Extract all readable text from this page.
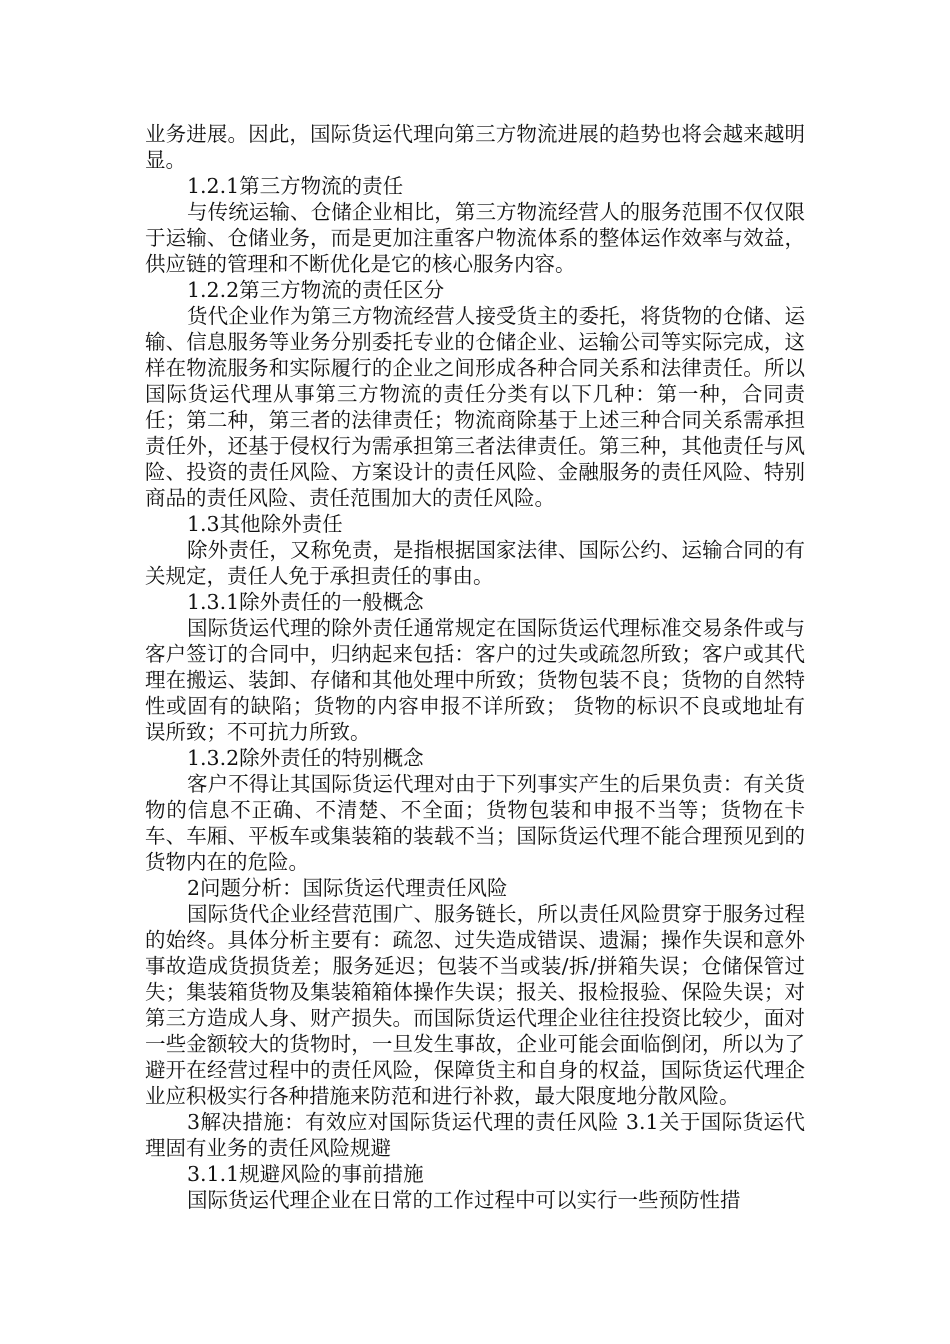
业务进展。因此，国际货运代理向第三方物流进展的趋势也将会越来越明显。

1.2.1第三方物流的责任

与传统运输、仓储企业相比，第三方物流经营人的服务范围不仅仅限于运输、仓储业务，而是更加注重客户物流体系的整体运作效率与效益，供应链的管理和不断优化是它的核心服务内容。

1.2.2第三方物流的责任区分

货代企业作为第三方物流经营人接受货主的委托，将货物的仓储、运输、信息服务等业务分别委托专业的仓储企业、运输公司等实际完成，这样在物流服务和实际履行的企业之间形成各种合同关系和法律责任。所以国际货运代理从事第三方物流的责任分类有以下几种：第一种，合同责任；第二种，第三者的法律责任；物流商除基于上述三种合同关系需承担责任外，还基于侵权行为需承担第三者法律责任。第三种，其他责任与风险、投资的责任风险、方案设计的责任风险、金融服务的责任风险、特别商品的责任风险、责任范围加大的责任风险。

1.3其他除外责任

除外责任，又称免责，是指根据国家法律、国际公约、运输合同的有关规定，责任人免于承担责任的事由。

1.3.1除外责任的一般概念

国际货运代理的除外责任通常规定在国际货运代理标准交易条件或与客户签订的合同中，归纳起来包括：客户的过失或疏忽所致；客户或其代理在搬运、装卸、存储和其他处理中所致；货物包装不良；货物的自然特性或固有的缺陷；货物的内容申报不详所致； 货物的标识不良或地址有误所致；不可抗力所致。

1.3.2除外责任的特别概念

客户不得让其国际货运代理对由于下列事实产生的后果负责：有关货物的信息不正确、不清楚、不全面；货物包装和申报不当等；货物在卡车、车厢、平板车或集装箱的装载不当；国际货运代理不能合理预见到的货物内在的危险。

2问题分析：国际货运代理责任风险

国际货代企业经营范围广、服务链长，所以责任风险贯穿于服务过程的始终。具体分析主要有：疏忽、过失造成错误、遗漏；操作失误和意外事故造成货损货差；服务延迟；包装不当或装/拆/拼箱失误；仓储保管过失；集装箱货物及集装箱箱体操作失误；报关、报检报验、保险失误；对第三方造成人身、财产损失。而国际货运代理企业往往投资比较少，面对一些金额较大的货物时，一旦发生事故，企业可能会面临倒闭，所以为了避开在经营过程中的责任风险，保障货主和自身的权益，国际货运代理企业应积极实行各种措施来防范和进行补救，最大限度地分散风险。

3解决措施：有效应对国际货运代理的责任风险 3.1关于国际货运代理固有业务的责任风险规避

3.1.1规避风险的事前措施

国际货运代理企业在日常的工作过程中可以实行一些预防性措
